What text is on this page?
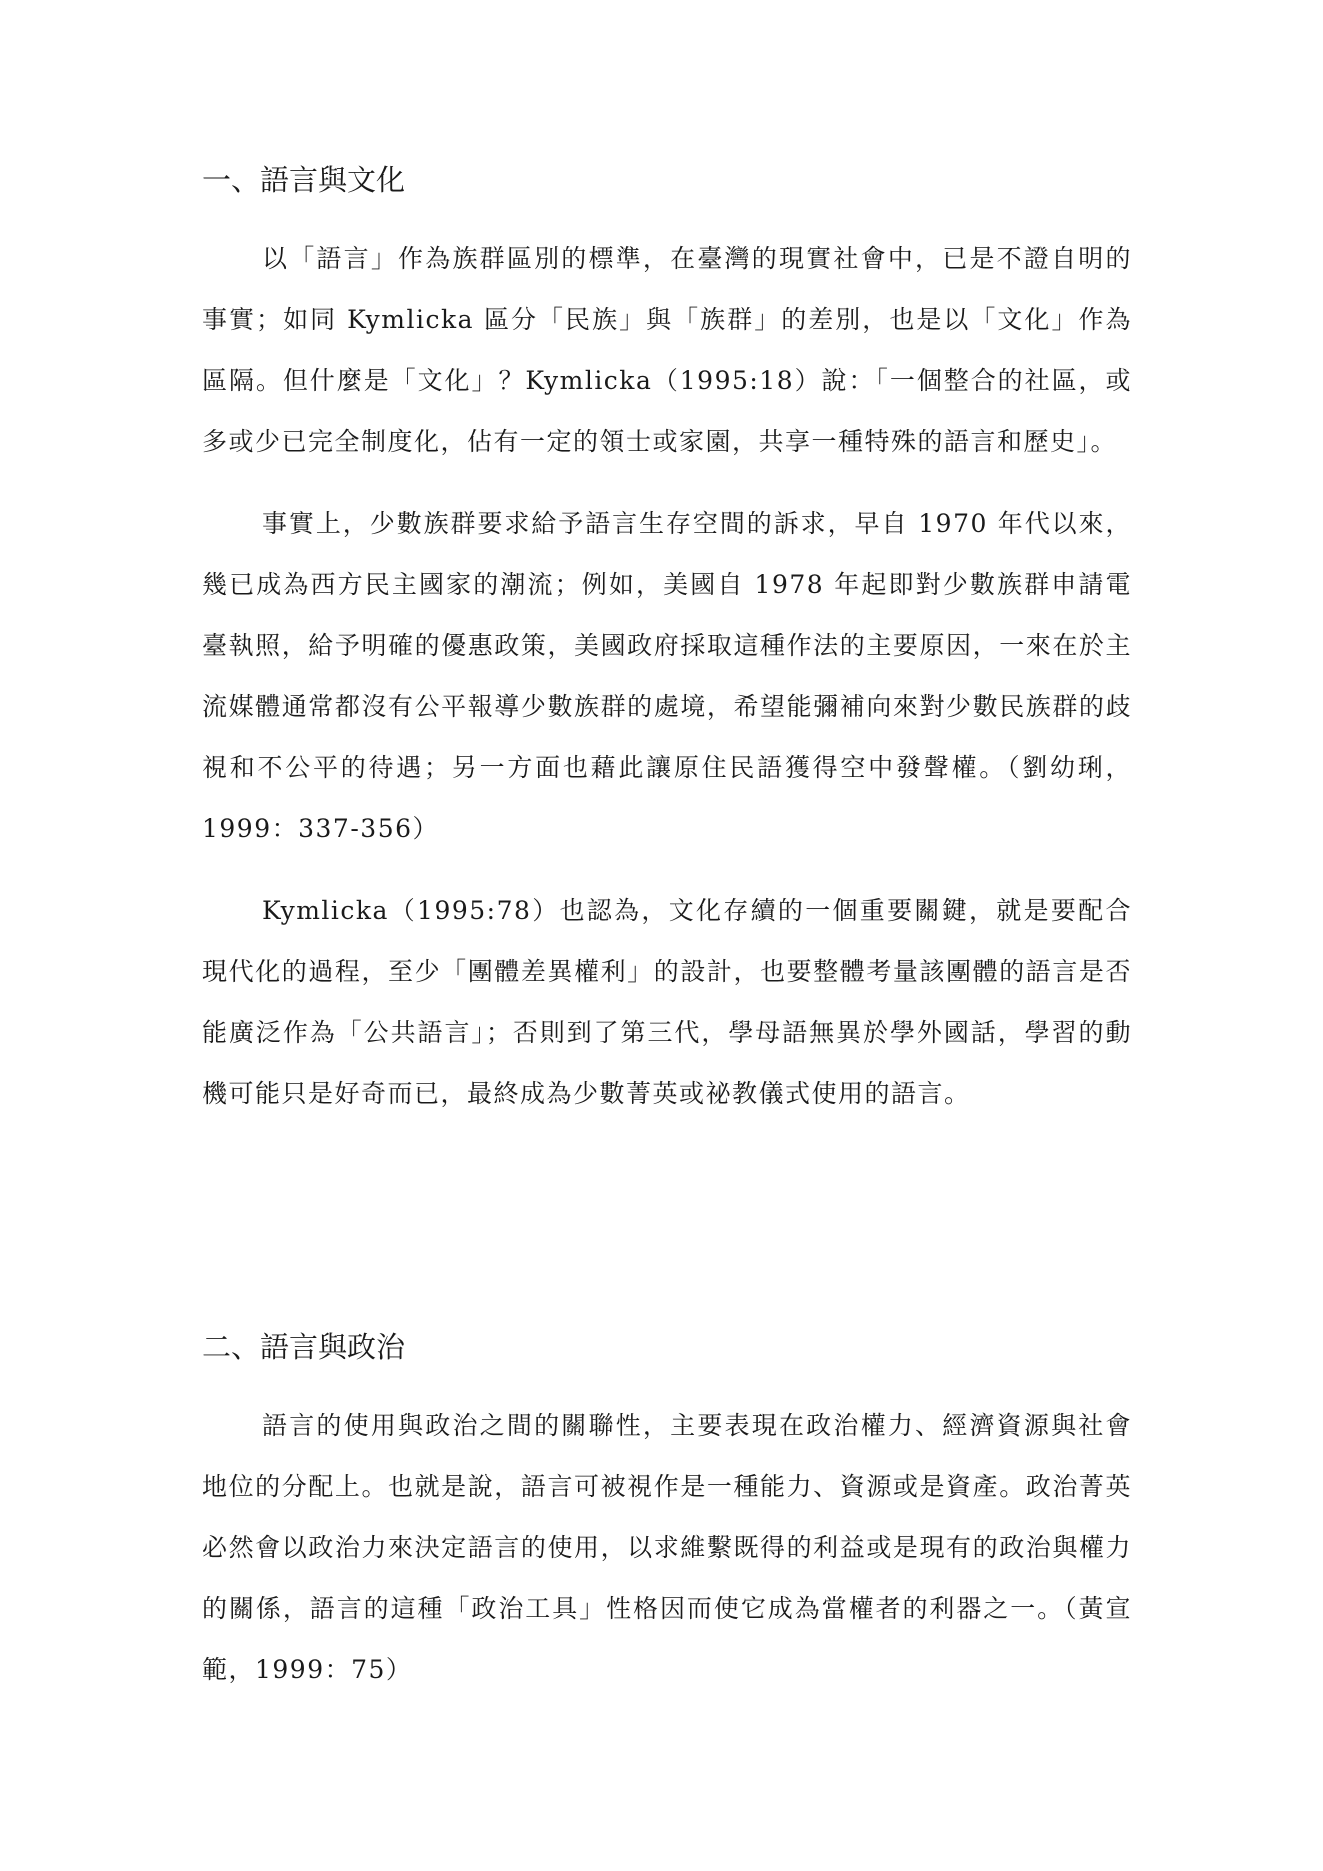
一、語言與文化

以「語言」作為族群區別的標準，在臺灣的現實社會中，已是不證自明的事實；如同 Kymlicka 區分「民族」與「族群」的差別，也是以「文化」作為區隔。但什麼是「文化」？Kymlicka（1995:18）說：「一個整合的社區，或多或少已完全制度化，佔有一定的領士或家園，共享一種特殊的語言和歷史」。

事實上，少數族群要求給予語言生存空間的訴求，早自 1970 年代以來，幾已成為西方民主國家的潮流；例如，美國自 1978 年起即對少數族群申請電臺執照，給予明確的優惠政策，美國政府採取這種作法的主要原因，一來在於主流媒體通常都沒有公平報導少數族群的處境，希望能彌補向來對少數民族群的歧視和不公平的待遇；另一方面也藉此讓原住民語獲得空中發聲權。（劉幼琍，1999：337-356）

Kymlicka（1995:78）也認為，文化存續的一個重要關鍵，就是要配合現代化的過程，至少「團體差異權利」的設計，也要整體考量該團體的語言是否能廣泛作為「公共語言」；否則到了第三代，學母語無異於學外國話，學習的動機可能只是好奇而已，最終成為少數菁英或祕教儀式使用的語言。

二、語言與政治

語言的使用與政治之間的關聯性，主要表現在政治權力、經濟資源與社會地位的分配上。也就是說，語言可被視作是一種能力、資源或是資產。政治菁英必然會以政治力來決定語言的使用，以求維繫既得的利益或是現有的政治與權力的關係，語言的這種「政治工具」性格因而使它成為當權者的利器之一。（黃宣範，1999：75）
